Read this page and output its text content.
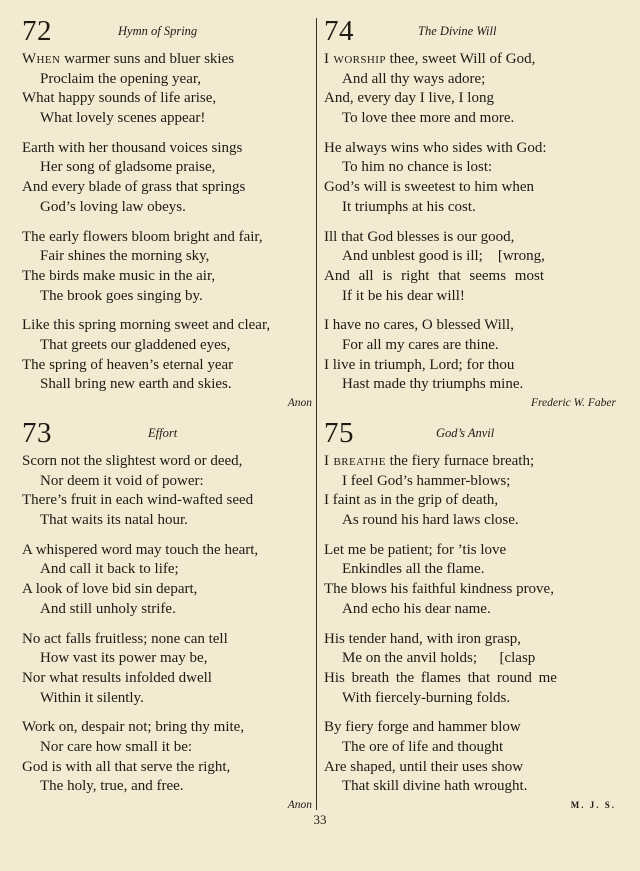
72	Hymn of Spring
When warmer suns and bluer skies
Proclaim the opening year,
What happy sounds of life arise,
What lovely scenes appear!
Earth with her thousand voices sings
Her song of gladsome praise,
And every blade of grass that springs
God’s loving law obeys.
The early flowers bloom bright and fair,
Fair shines the morning sky,
The birds make music in the air,
The brook goes singing by.
Like this spring morning sweet and clear,
That greets our gladdened eyes,
The spring of heaven’s eternal year
Shall bring new earth and skies.
Anon
73	Effort
Scorn not the slightest word or deed,
Nor deem it void of power:
There’s fruit in each wind-wafted seed
That waits its natal hour.
A whispered word may touch the heart,
And call it back to life;
A look of love bid sin depart,
And still unholy strife.
No act falls fruitless; none can tell
How vast its power may be,
Nor what results infolded dwell
Within it silently.
Work on, despair not; bring thy mite,
Nor care how small it be:
God is with all that serve the right,
The holy, true, and free.
Anon
74	The Divine Will
I worship thee, sweet Will of God,
And all thy ways adore;
And, every day I live, I long
To love thee more and more.
He always wins who sides with God:
To him no chance is lost:
God’s will is sweetest to him when
It triumphs at his cost.
Ill that God blesses is our good,
And unblest good is ill;    [wrong,
And all is right that seems most
If it be his dear will!
I have no cares, O blessed Will,
For all my cares are thine.
I live in triumph, Lord; for thou
Hast made thy triumphs mine.
Frederic W. Faber
75	God’s Anvil
I breathe the fiery furnace breath;
I feel God’s hammer-blows;
I faint as in the grip of death,
As round his hard laws close.
Let me be patient; for ’tis love
Enkindles all the flame.
The blows his faithful kindness prove,
And echo his dear name.
His tender hand, with iron grasp,
Me on the anvil holds;      [clasp
His breath the flames that round me
With fiercely-burning folds.
By fiery forge and hammer blow
The ore of life and thought
Are shaped, until their uses show
That skill divine hath wrought.
M. J. S.
33
